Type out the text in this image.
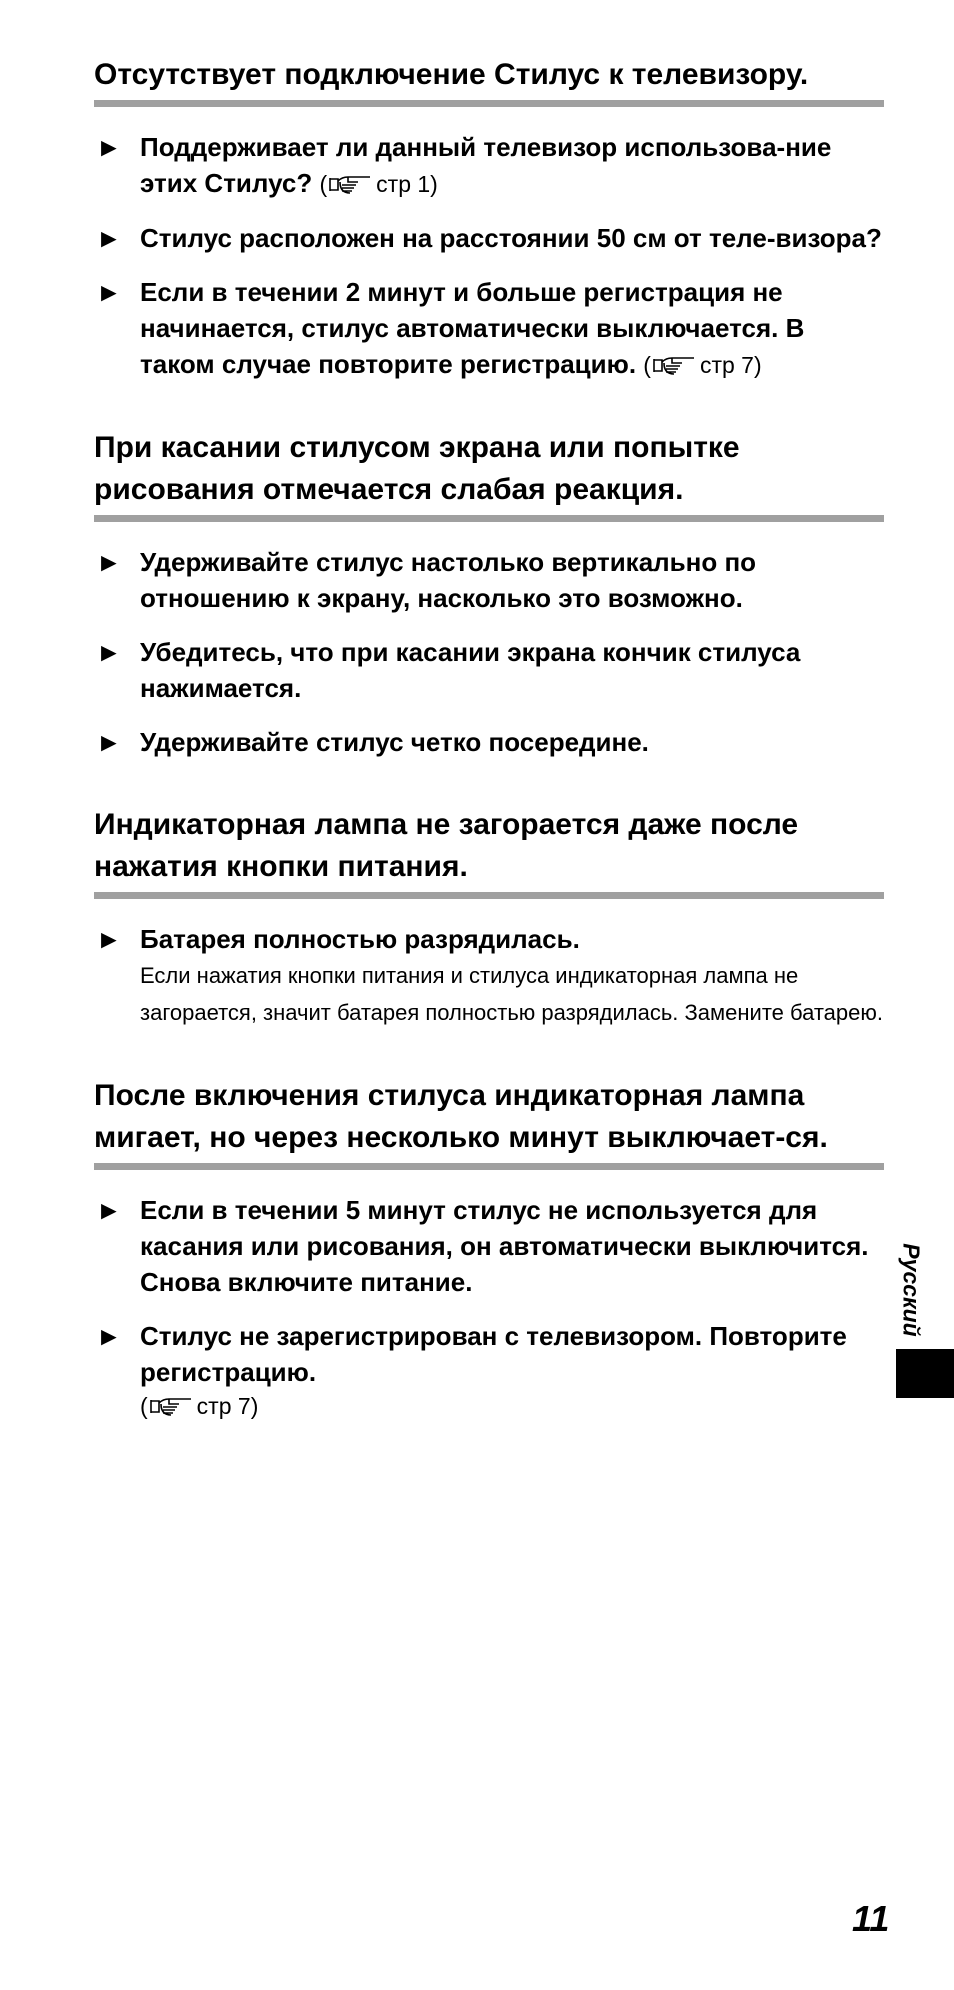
Отсутствует подключение Стилус к телевизору.
► Поддерживает ли данный телевизор использова-ние этих Стилус? ( стр 1)
► Стилус расположен на расстоянии 50 см от теле-визора?
► Если в течении 2 минут и больше регистрация не начинается, стилус автоматически выключается. В таком случае повторите регистрацию. ( стр 7)
При касании стилусом экрана или попытке рисования отмечается слабая реакция.
► Удерживайте стилус настолько вертикально по отношению к экрану, насколько это возможно.
► Убедитесь, что при касании экрана кончик стилуса нажимается.
► Удерживайте стилус четко посередине.
Индикаторная лампа не загорается даже после нажатия кнопки питания.
► Батарея полностью разрядилась.
Если нажатия кнопки питания и стилуса индикаторная лампа не загорается, значит батарея полностью разрядилась. Замените батарею.
После включения стилуса индикаторная лампа мигает, но через несколько минут выключает-ся.
► Если в течении 5 минут стилус не используется для касания или рисования, он автоматически выключится. Снова включите питание.
► Стилус не зарегистрирован с телевизором. Повторите регистрацию.
( стр 7)
Русский
11
